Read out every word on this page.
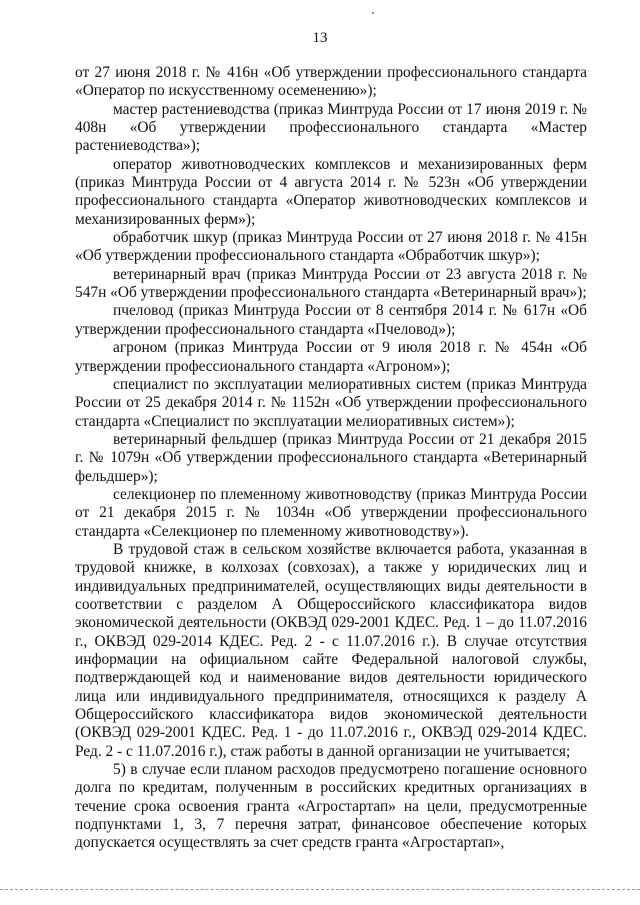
13

от 27 июня 2018 г. № 416н «Об утверждении профессионального стандарта «Оператор по искусственному осеменению»);

мастер растениеводства (приказ Минтруда России от 17 июня 2019 г. № 408н «Об утверждении профессионального стандарта «Мастер растениеводства»);

оператор животноводческих комплексов и механизированных ферм (приказ Минтруда России от 4 августа 2014 г. № 523н «Об утверждении профессионального стандарта «Оператор животноводческих комплексов и механизированных ферм»);

обработчик шкур (приказ Минтруда России от 27 июня 2018 г. № 415н «Об утверждении профессионального стандарта «Обработчик шкур»);

ветеринарный врач (приказ Минтруда России от 23 августа 2018 г. № 547н «Об утверждении профессионального стандарта «Ветеринарный врач»);

пчеловод (приказ Минтруда России от 8 сентября 2014 г. № 617н «Об утверждении профессионального стандарта «Пчеловод»);

агроном (приказ Минтруда России от 9 июля 2018 г. № 454н «Об утверждении профессионального стандарта «Агроном»);

специалист по эксплуатации мелиоративных систем (приказ Минтруда России от 25 декабря 2014 г. № 1152н «Об утверждении профессионального стандарта «Специалист по эксплуатации мелиоративных систем»);

ветеринарный фельдшер (приказ Минтруда России от 21 декабря 2015 г. № 1079н «Об утверждении профессионального стандарта «Ветеринарный фельдшер»);

селекционер по племенному животноводству (приказ Минтруда России от 21 декабря 2015 г. № 1034н «Об утверждении профессионального стандарта «Селекционер по племенному животноводству»).

В трудовой стаж в сельском хозяйстве включается работа, указанная в трудовой книжке, в колхозах (совхозах), а также у юридических лиц и индивидуальных предпринимателей, осуществляющих виды деятельности в соответствии с разделом А Общероссийского классификатора видов экономической деятельности (ОКВЭД 029-2001 КДЕС. Ред. 1 – до 11.07.2016 г., ОКВЭД 029-2014 КДЕС. Ред. 2 - с 11.07.2016 г.). В случае отсутствия информации на официальном сайте Федеральной налоговой службы, подтверждающей код и наименование видов деятельности юридического лица или индивидуального предпринимателя, относящихся к разделу А Общероссийского классификатора видов экономической деятельности (ОКВЭД 029-2001 КДЕС. Ред. 1 - до 11.07.2016 г., ОКВЭД 029-2014 КДЕС. Ред. 2 - с 11.07.2016 г.), стаж работы в данной организации не учитывается;

5) в случае если планом расходов предусмотрено погашение основного долга по кредитам, полученным в российских кредитных организациях в течение срока освоения гранта «Агростартап» на цели, предусмотренные подпунктами 1, 3, 7 перечня затрат, финансовое обеспечение которых допускается осуществлять за счет средств гранта «Агростартап»,
